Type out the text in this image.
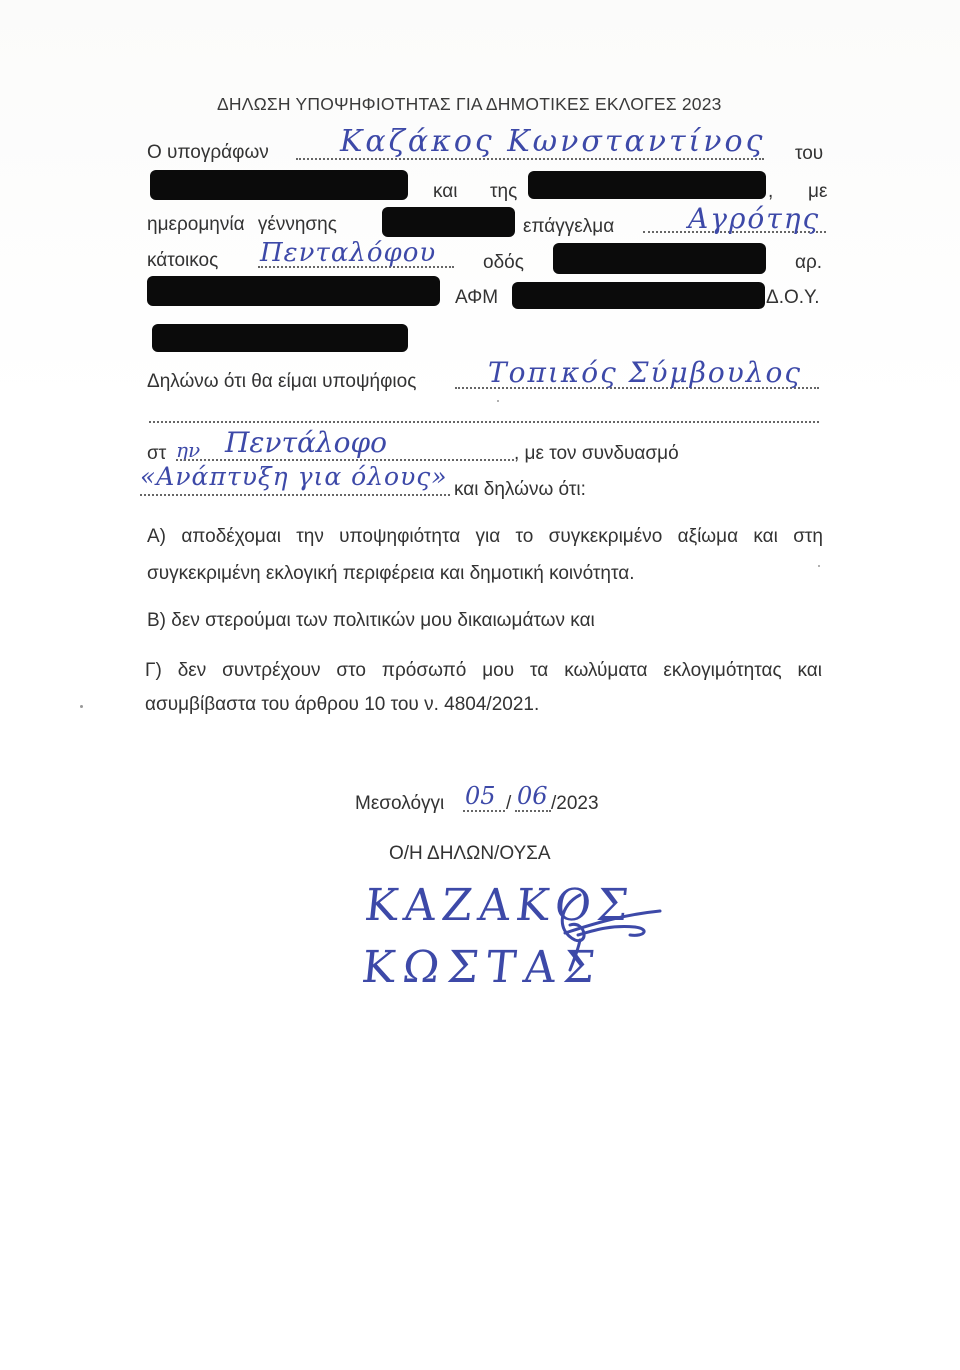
ΔΗΛΩΣΗ ΥΠΟΨΗΦΙΟΤΗΤΑΣ ΓΙΑ ΔΗΜΟΤΙΚΕΣ ΕΚΛΟΓΕΣ 2023
Ο υπογράφων Καζάκος Κωνσταντίνος του
και της	, με
ημερομηνία γέννησης	επάγγελμα	Αγρότης
κάτοικος Πενταλόφου οδός	αρ.
ΑΦΜ	Δ.Ο.Υ.
Δηλώνω ότι θα είμαι υποψήφιος	Τοπικός Σύμβουλος
στ ην Πεντάλοφο	, με τον συνδυασμό
«Ανάπτυξη για όλους» και δηλώνω ότι:
Α) αποδέχομαι την υποψηφιότητα για το συγκεκριμένο αξίωμα και στη
συγκεκριμένη εκλογική περιφέρεια και δημοτική κοινότητα.
Β) δεν στερούμαι των πολιτικών μου δικαιωμάτων και
Γ) δεν συντρέχουν στο πρόσωπό μου τα κωλύματα εκλογιμότητας και
ασυμβίβαστα του άρθρου 10 του ν. 4804/2021.
Μεσολόγγι 05 / 06 /2023
Ο/Η ΔΗΛΩΝ/ΟΥΣΑ
ΚΑΖΑΚΟΣ
ΚΩΣΤΑΣ
